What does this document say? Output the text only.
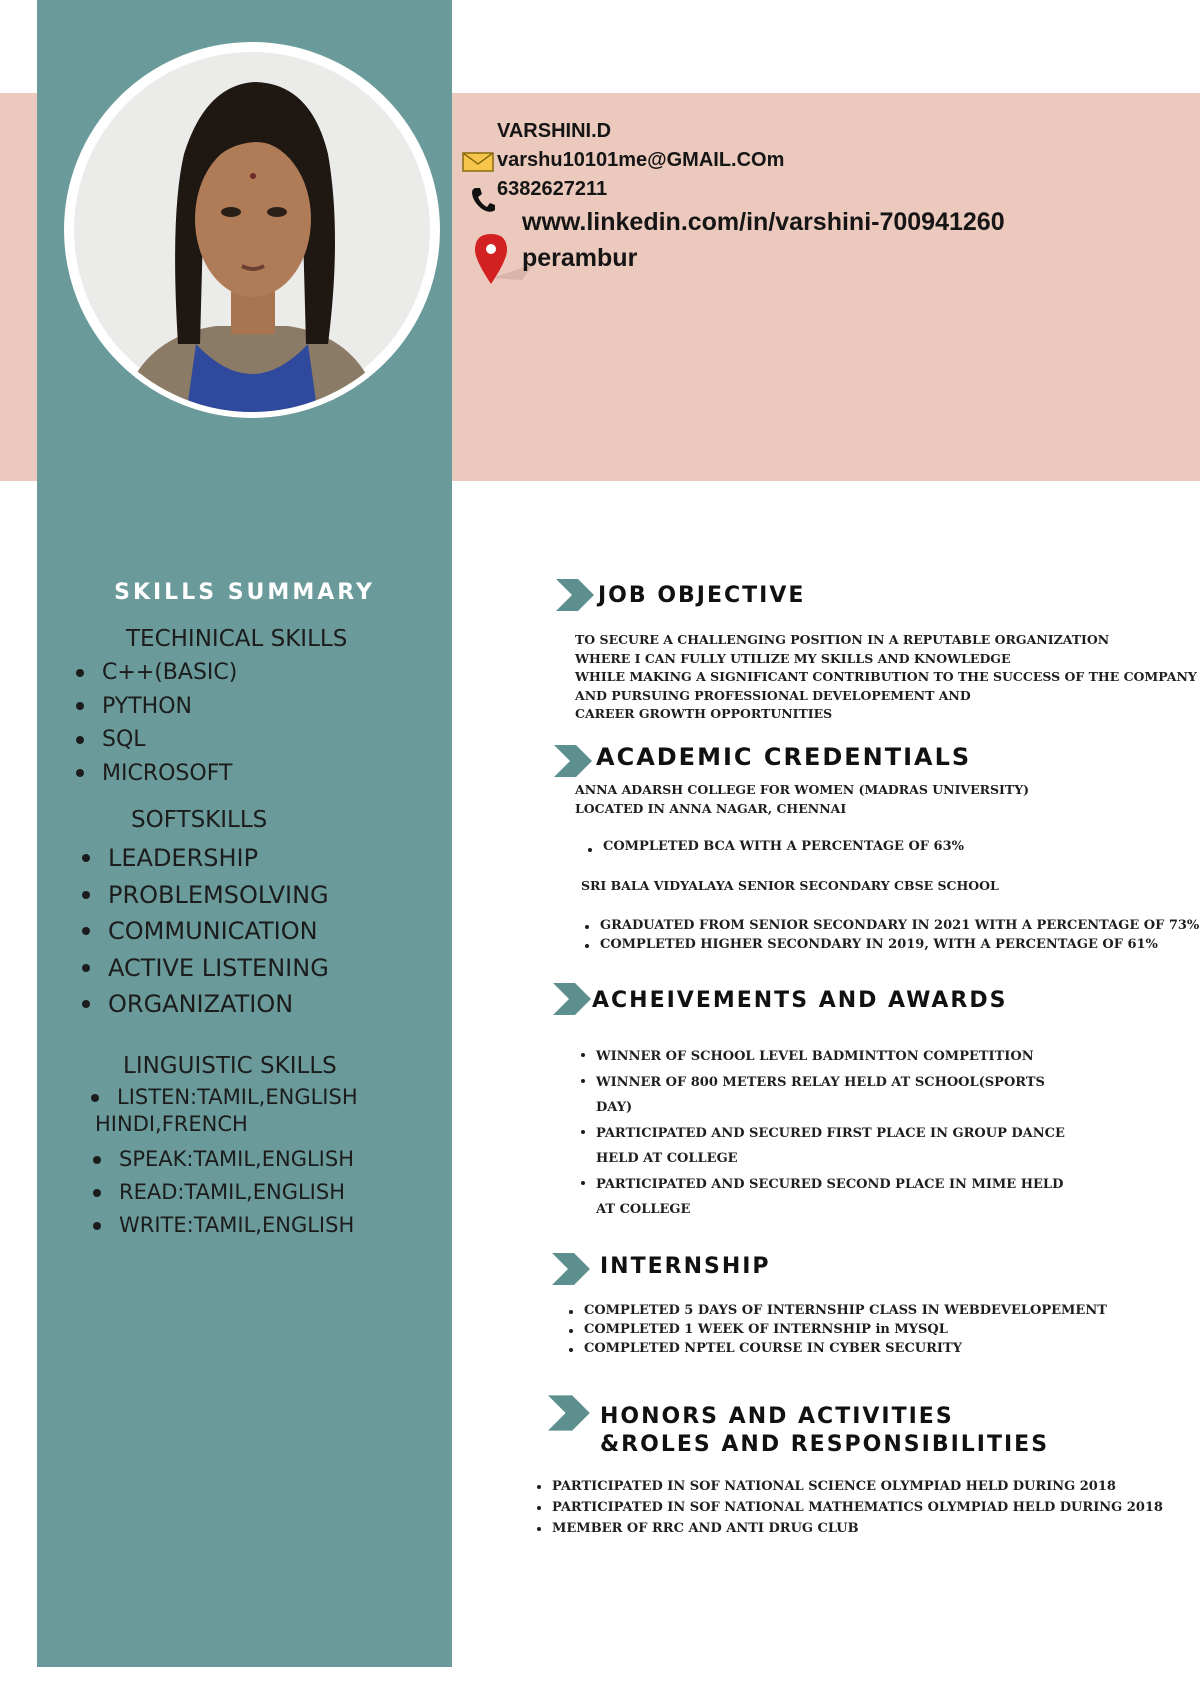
VARSHINI.D
varshu10101me@GMAIL.COm
6382627211
www.linkedin.com/in/varshini-700941260
perambur
SKILLS SUMMARY
TECHINICAL SKILLS
C++(BASIC)
PYTHON
SQL
MICROSOFT
SOFTSKILLS
LEADERSHIP
PROBLEMSOLVING
COMMUNICATION
ACTIVE LISTENING
ORGANIZATION
LINGUISTIC SKILLS
LISTEN:TAMIL,ENGLISH
HINDI,FRENCH
SPEAK:TAMIL,ENGLISH
READ:TAMIL,ENGLISH
WRITE:TAMIL,ENGLISH
JOB OBJECTIVE
TO SECURE A CHALLENGING POSITION IN A REPUTABLE ORGANIZATION
WHERE I CAN FULLY UTILIZE MY SKILLS AND KNOWLEDGE
WHILE MAKING A SIGNIFICANT CONTRIBUTION TO THE SUCCESS OF THE COMPANY
AND PURSUING PROFESSIONAL DEVELOPEMENT AND
CAREER GROWTH OPPORTUNITIES
ACADEMIC CREDENTIALS
ANNA ADARSH COLLEGE FOR WOMEN (MADRAS UNIVERSITY)
LOCATED IN ANNA NAGAR, CHENNAI
COMPLETED BCA WITH A PERCENTAGE OF 63%
SRI BALA VIDYALAYA SENIOR SECONDARY CBSE SCHOOL
GRADUATED FROM SENIOR SECONDARY IN 2021 WITH A PERCENTAGE OF 73%
COMPLETED HIGHER SECONDARY IN 2019, WITH A PERCENTAGE OF 61%
ACHEIVEMENTS AND AWARDS
WINNER OF SCHOOL LEVEL BADMINTTON COMPETITION
WINNER OF 800 METERS RELAY HELD AT SCHOOL(SPORTS
DAY)
PARTICIPATED AND SECURED FIRST PLACE IN GROUP DANCE
HELD AT COLLEGE
PARTICIPATED AND SECURED SECOND PLACE IN MIME HELD
AT COLLEGE
INTERNSHIP
COMPLETED 5 DAYS OF INTERNSHIP CLASS IN WEBDEVELOPEMENT
COMPLETED 1 WEEK OF INTERNSHIP in MYSQL
COMPLETED NPTEL COURSE IN CYBER SECURITY
HONORS AND ACTIVITIES
&ROLES AND RESPONSIBILITIES
PARTICIPATED IN SOF NATIONAL SCIENCE OLYMPIAD HELD DURING 2018
PARTICIPATED IN SOF NATIONAL MATHEMATICS OLYMPIAD HELD DURING 2018
MEMBER OF RRC AND ANTI DRUG CLUB
